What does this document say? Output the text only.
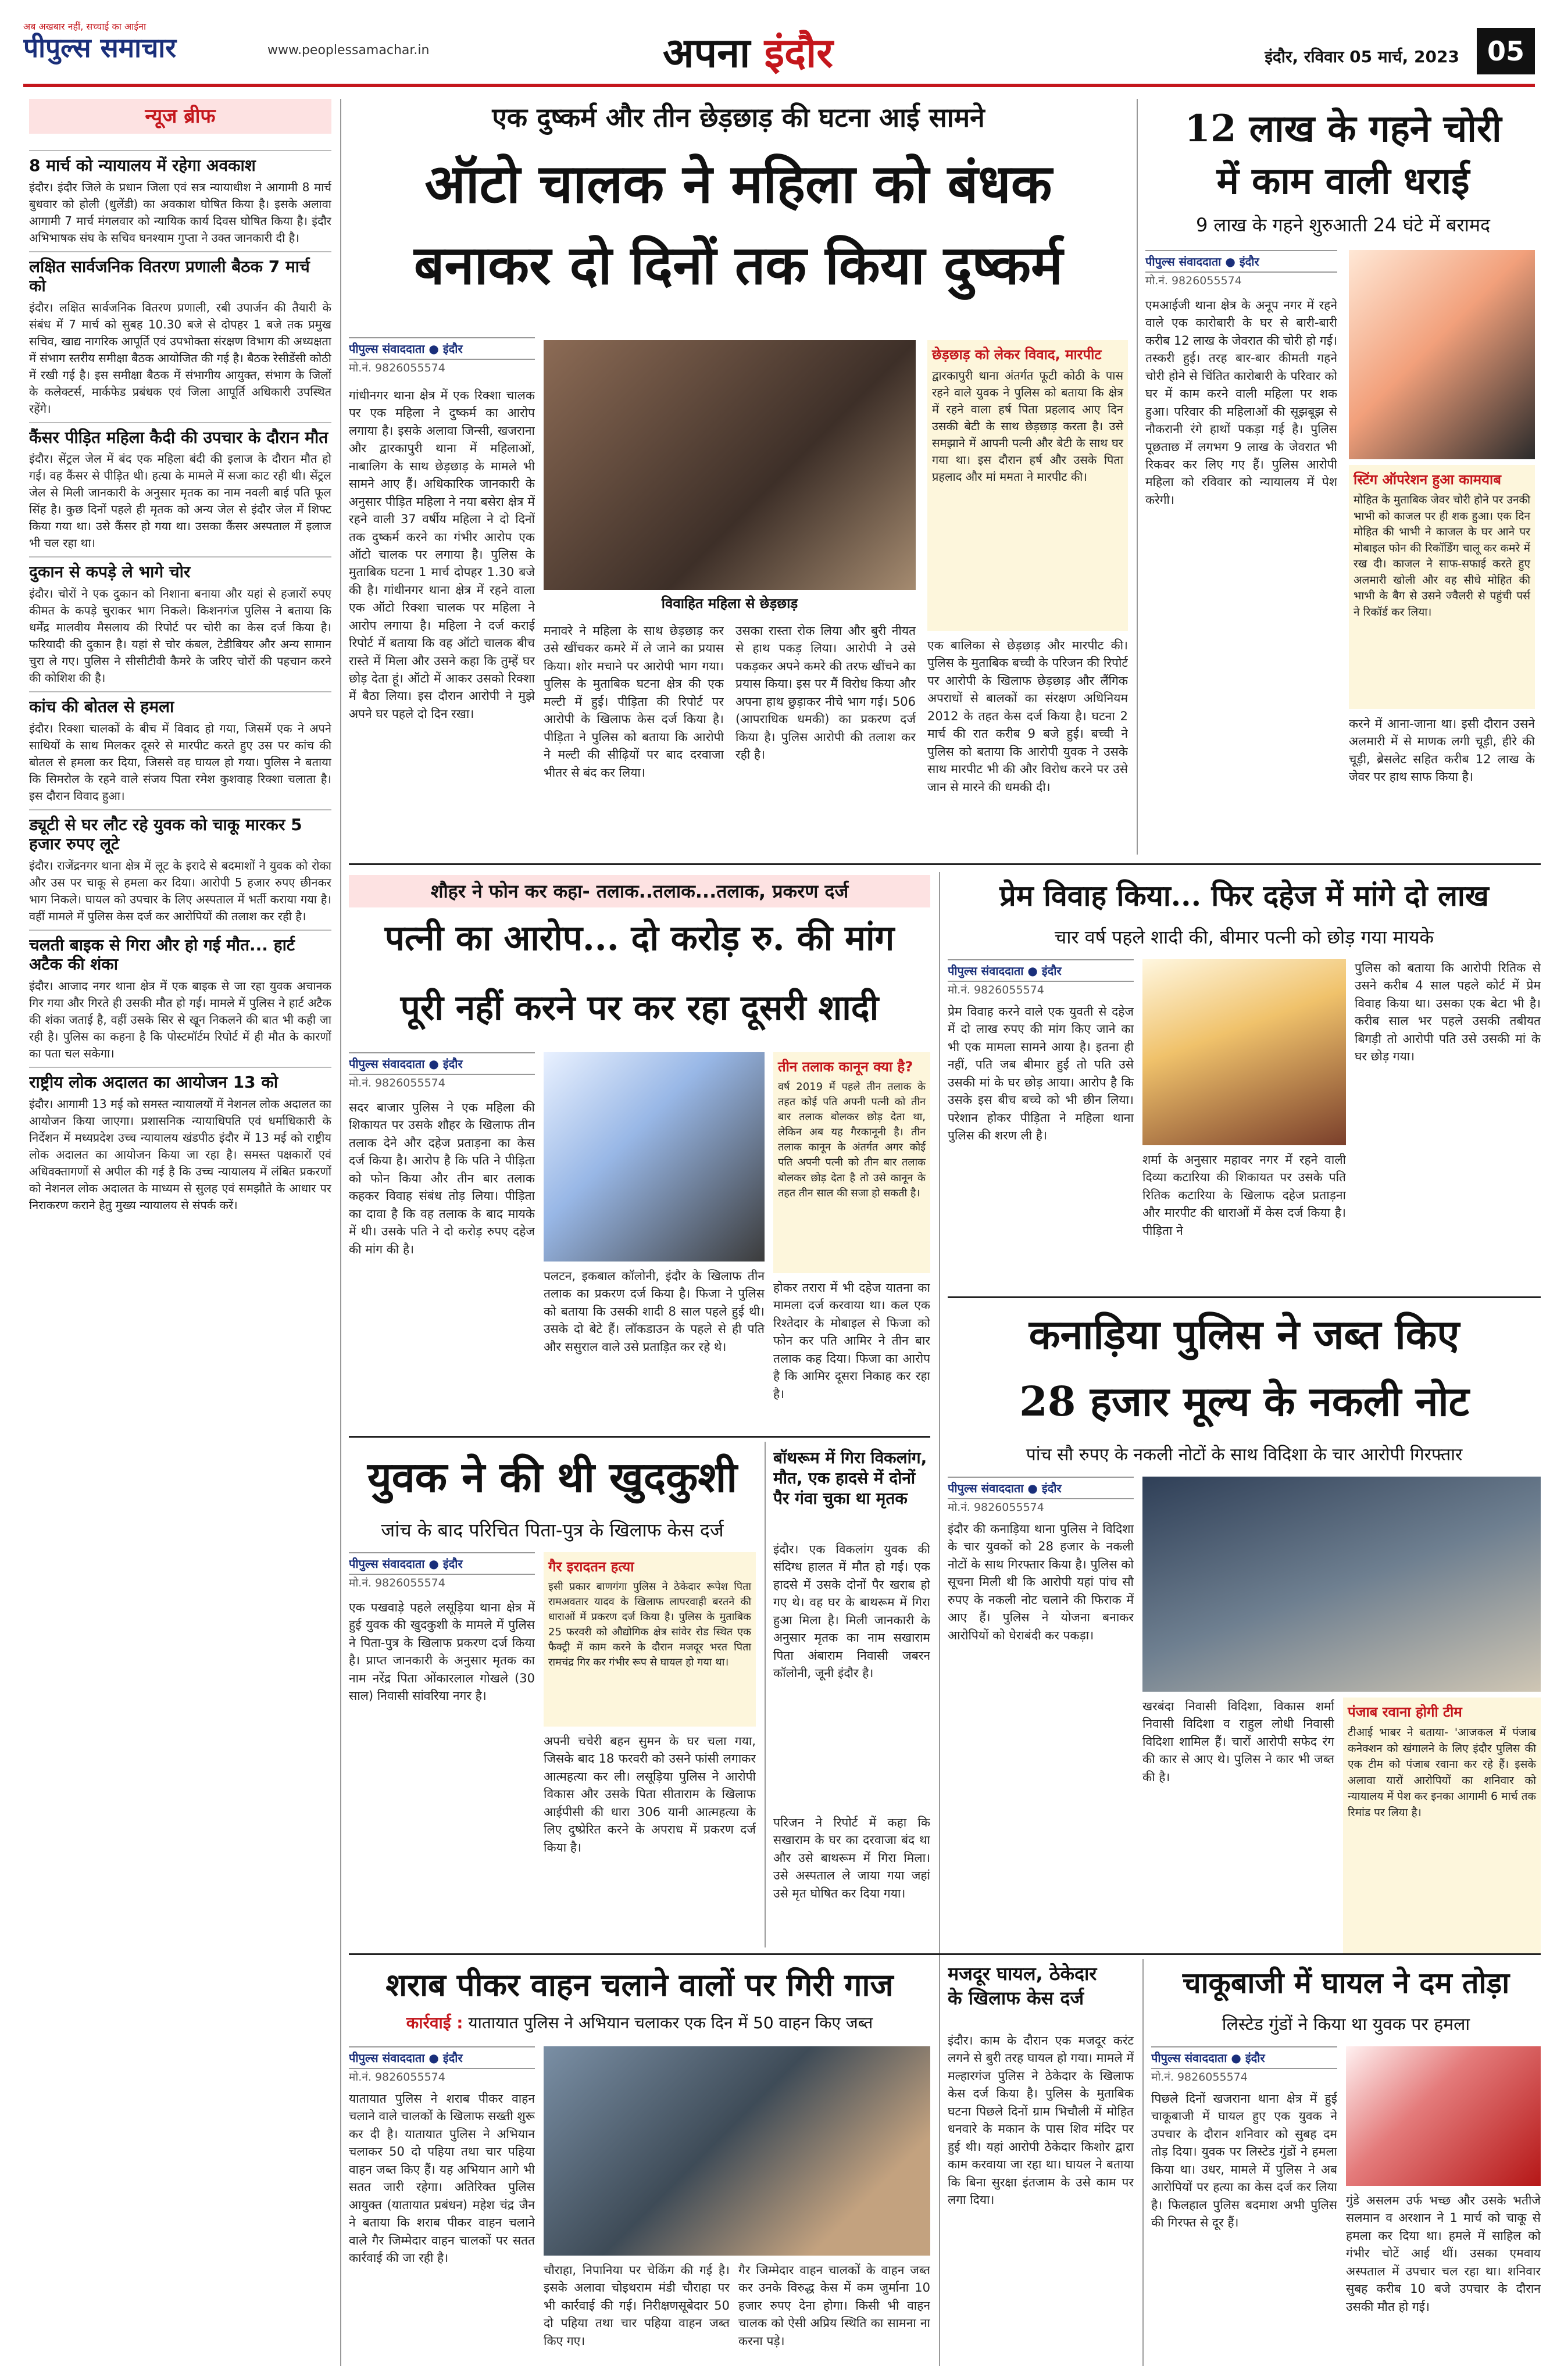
अब अखबार नहीं, सच्चाई का आईना
पीपुल्स समाचार	www.peoplessamachar.in	अपना इंदौर	इंदौर, रविवार 05 मार्च, 2023	05
न्यूज ब्रीफ
8 मार्च को न्यायालय में रहेगा अवकाश

इंदौर। इंदौर जिले के प्रधान जिला एवं सत्र न्यायाधीश ने आगामी 8 मार्च बुधवार को होली (धुलेंडी) का अवकाश घोषित किया है। इसके अलावा आगामी 7 मार्च मंगलवार को न्यायिक कार्य दिवस घोषित किया है। इंदौर अभिभाषक संघ के सचिव घनश्याम गुप्ता ने उक्त जानकारी दी है।

लक्षित सार्वजनिक वितरण प्रणाली बैठक 7 मार्च को

इंदौर। लक्षित सार्वजनिक वितरण प्रणाली, रबी उपार्जन की तैयारी के संबंध में 7 मार्च को सुबह 10.30 बजे से दोपहर 1 बजे तक प्रमुख सचिव, खाद्य नागरिक आपूर्ति एवं उपभोक्ता संरक्षण विभाग की अध्यक्षता में संभाग स्तरीय समीक्षा बैठक आयोजित की गई है। बैठक रेसीडेंसी कोठी में रखी गई है। इस समीक्षा बैठक में संभागीय आयुक्त, संभाग के जिलों के कलेक्टर्स, मार्कफेड प्रबंधक एवं जिला आपूर्ति अधिकारी उपस्थित रहेंगे।

कैंसर पीड़ित महिला कैदी की उपचार के दौरान मौत

इंदौर। सेंट्रल जेल में बंद एक महिला बंदी की इलाज के दौरान मौत हो गई। वह कैंसर से पीड़ित थी। हत्या के मामले में सजा काट रही थी। सेंट्रल जेल से मिली जानकारी के अनुसार मृतक का नाम नवली बाई पति फूल सिंह है। कुछ दिनों पहले ही मृतक को अन्य जेल से इंदौर जेल में शिफ्ट किया गया था। उसे कैंसर हो गया था। उसका कैंसर अस्पताल में इलाज भी चल रहा था।

दुकान से कपड़े ले भागे चोर

इंदौर। चोरों ने एक दुकान को निशाना बनाया और यहां से हजारों रुपए कीमत के कपड़े चुराकर भाग निकले। किशनगंज पुलिस ने बताया कि धर्मेंद्र मालवीय मैसलाय की रिपोर्ट पर चोरी का केस दर्ज किया है। फरियादी की दुकान है। यहां से चोर कंबल, टेडीबियर और अन्य सामान चुरा ले गए। पुलिस ने सीसीटीवी कैमरे के जरिए चोरों की पहचान करने की कोशिश की है।

कांच की बोतल से हमला

इंदौर। रिक्शा चालकों के बीच में विवाद हो गया, जिसमें एक ने अपने साथियों के साथ मिलकर दूसरे से मारपीट करते हुए उस पर कांच की बोतल से हमला कर दिया, जिससे वह घायल हो गया। पुलिस ने बताया कि सिमरोल के रहने वाले संजय पिता रमेश कुशवाह रिक्शा चलाता है। इस दौरान विवाद हुआ।

ड्यूटी से घर लौट रहे युवक को चाकू मारकर 5 हजार रुपए लूटे

इंदौर। राजेंद्रनगर थाना क्षेत्र में लूट के इरादे से बदमाशों ने युवक को रोका और उस पर चाकू से हमला कर दिया। आरोपी 5 हजार रुपए छीनकर भाग निकले। घायल को उपचार के लिए अस्पताल में भर्ती कराया गया है। वहीं मामले में पुलिस केस दर्ज कर आरोपियों की तलाश कर रही है।

चलती बाइक से गिरा और हो गई मौत... हार्ट अटैक की शंका

इंदौर। आजाद नगर थाना क्षेत्र में एक बाइक से जा रहा युवक अचानक गिर गया और गिरते ही उसकी मौत हो गई। मामले में पुलिस ने हार्ट अटैक की शंका जताई है, वहीं उसके सिर से खून निकलने की बात भी कही जा रही है। पुलिस का कहना है कि पोस्टमॉर्टम रिपोर्ट में ही मौत के कारणों का पता चल सकेगा।

राष्ट्रीय लोक अदालत का आयोजन 13 को

इंदौर। आगामी 13 मई को समस्त न्यायालयों में नेशनल लोक अदालत का आयोजन किया जाएगा। प्रशासनिक न्यायाधिपति एवं धर्माधिकारी के निर्देशन में मध्यप्रदेश उच्च न्यायालय खंडपीठ इंदौर में 13 मई को राष्ट्रीय लोक अदालत का आयोजन किया जा रहा है। समस्त पक्षकारों एवं अधिवक्तागणों से अपील की गई है कि उच्च न्यायालय में लंबित प्रकरणों को नेशनल लोक अदालत के माध्यम से सुलह एवं समझौते के आधार पर निराकरण कराने हेतु मुख्य न्यायालय से संपर्क करें।

एक दुष्कर्म और तीन छेड़छाड़ की घटना आई सामने
ऑटो चालक ने महिला को बंधक
बनाकर दो दिनों तक किया दुष्कर्म
पीपुल्स संवाददाता ● इंदौर
मो.नं. 9826055574
गांधीनगर थाना क्षेत्र में एक रिक्शा चालक पर एक महिला ने दुष्कर्म का आरोप लगाया है। इसके अलावा जिन्सी, खजराना और द्वारकापुरी थाना में महिलाओं, नाबालिग के साथ छेड़छाड़ के मामले भी सामने आए हैं। अधिकारिक जानकारी के अनुसार पीड़ित महिला ने नया बसेरा क्षेत्र में रहने वाली 37 वर्षीय महिला ने दो दिनों तक दुष्कर्म करने का गंभीर आरोप एक ऑटो चालक पर लगाया है। पुलिस के मुताबिक घटना 1 मार्च दोपहर 1.30 बजे की है। गांधीनगर थाना क्षेत्र में रहने वाला एक ऑटो रिक्शा चालक पर महिला ने आरोप लगाया है। महिला ने दर्ज कराई रिपोर्ट में बताया कि वह ऑटो चालक बीच रास्ते में मिला और उसने कहा कि तुम्हें घर छोड़ देता हूं। ऑटो में आकर उसको रिक्शा में बैठा लिया। इस दौरान आरोपी ने मुझे अपने घर पहले दो दिन रखा।
विवाहित महिला से छेड़छाड़
मनावरे ने महिला के साथ छेड़छाड़ कर उसे खींचकर कमरे में ले जाने का प्रयास किया। शोर मचाने पर आरोपी भाग गया। पुलिस के मुताबिक घटना क्षेत्र की एक मल्टी में हुई। पीड़िता की रिपोर्ट पर आरोपी के खिलाफ केस दर्ज किया है। पीड़िता ने पुलिस को बताया कि आरोपी ने मल्टी की सीढ़ियों पर बाद दरवाजा भीतर से बंद कर लिया।
उसका रास्ता रोक लिया और बुरी नीयत से हाथ पकड़ लिया। आरोपी ने उसे पकड़कर अपने कमरे की तरफ खींचने का प्रयास किया। इस पर मैं विरोध किया और अपना हाथ छुड़ाकर नीचे भाग गई। 506 (आपराधिक धमकी) का प्रकरण दर्ज किया है। पुलिस आरोपी की तलाश कर रही है।
छेड़छाड़ को लेकर विवाद, मारपीट
द्वारकापुरी थाना अंतर्गत फूटी कोठी के पास रहने वाले युवक ने पुलिस को बताया कि क्षेत्र में रहने वाला हर्ष पिता प्रहलाद आए दिन उसकी बेटी के साथ छेड़छाड़ करता है। उसे समझाने में आपनी पत्नी और बेटी के साथ घर गया था। इस दौरान हर्ष और उसके पिता प्रहलाद और मां ममता ने मारपीट की।
एक बालिका से छेड़छाड़ और मारपीट की। पुलिस के मुताबिक बच्ची के परिजन की रिपोर्ट पर आरोपी के खिलाफ छेड़छाड़ और लैंगिक अपराधों से बालकों का संरक्षण अधिनियम 2012 के तहत केस दर्ज किया है। घटना 2 मार्च की रात करीब 9 बजे हुई। बच्ची ने पुलिस को बताया कि आरोपी युवक ने उसके साथ मारपीट भी की और विरोध करने पर उसे जान से मारने की धमकी दी।
12 लाख के गहने चोरी
में काम वाली धराई
9 लाख के गहने शुरुआती 24 घंटे में बरामद
पीपुल्स संवाददाता ● इंदौर
मो.नं. 9826055574
एमआईजी थाना क्षेत्र के अनूप नगर में रहने वाले एक कारोबारी के घर से बारी-बारी करीब 12 लाख के जेवरात की चोरी हो गई। तस्करी हुई। तरह बार-बार कीमती गहने चोरी होने से चिंतित कारोबारी के परिवार को घर में काम करने वाली महिला पर शक हुआ। परिवार की महिलाओं की सूझबूझ से नौकरानी रंगे हाथों पकड़ा गई है। पुलिस पूछताछ में लगभग 9 लाख के जेवरात भी रिकवर कर लिए गए हैं। पुलिस आरोपी महिला को रविवार को न्यायालय में पेश करेगी।
स्टिंग ऑपरेशन हुआ कामयाब
मोहित के मुताबिक जेवर चोरी होने पर उनकी भाभी को काजल पर ही शक हुआ। एक दिन मोहित की भाभी ने काजल के घर आने पर मोबाइल फोन की रिकॉर्डिंग चालू कर कमरे में रख दी। काजल ने साफ-सफाई करते हुए अलमारी खोली और वह सीधे मोहित की भाभी के बैग से उसने ज्वैलरी से पहुंची पर्स ने रिकॉर्ड कर लिया।
करने में आना-जाना था। इसी दौरान उसने अलमारी में से माणक लगी चूड़ी, हीरे की चूड़ी, ब्रेसलेट सहित करीब 12 लाख के जेवर पर हाथ साफ किया है।
शौहर ने फोन कर कहा- तलाक..तलाक...तलाक, प्रकरण दर्ज
पत्नी का आरोप... दो करोड़ रु. की मांग
पूरी नहीं करने पर कर रहा दूसरी शादी
पीपुल्स संवाददाता ● इंदौर
मो.नं. 9826055574
सदर बाजार पुलिस ने एक महिला की शिकायत पर उसके शौहर के खिलाफ तीन तलाक देने और दहेज प्रताड़ना का केस दर्ज किया है। आरोप है कि पति ने पीड़िता को फोन किया और तीन बार तलाक कहकर विवाह संबंध तोड़ लिया। पीड़िता का दावा है कि वह तलाक के बाद मायके में थी। उसके पति ने दो करोड़ रुपए दहेज की मांग की है।
पलटन, इकबाल कॉलोनी, इंदौर के खिलाफ तीन तलाक का प्रकरण दर्ज किया है। फिजा ने पुलिस को बताया कि उसकी शादी 8 साल पहले हुई थी। उसके दो बेटे हैं। लॉकडाउन के पहले से ही पति और ससुराल वाले उसे प्रताड़ित कर रहे थे।
तीन तलाक कानून क्या है?
वर्ष 2019 में पहले तीन तलाक के तहत कोई पति अपनी पत्नी को तीन बार तलाक बोलकर छोड़ देता था, लेकिन अब यह गैरकानूनी है। तीन तलाक कानून के अंतर्गत अगर कोई पति अपनी पत्नी को तीन बार तलाक बोलकर छोड़ देता है तो उसे कानून के तहत तीन साल की सजा हो सकती है।
होकर तरारा में भी दहेज यातना का मामला दर्ज करवाया था। कल एक रिश्तेदार के मोबाइल से फिजा को फोन कर पति आमिर ने तीन बार तलाक कह दिया। फिजा का आरोप है कि आमिर दूसरा निकाह कर रहा है।
प्रेम विवाह किया... फिर दहेज में मांगे दो लाख
चार वर्ष पहले शादी की, बीमार पत्नी को छोड़ गया मायके
पीपुल्स संवाददाता ● इंदौर
मो.नं. 9826055574
प्रेम विवाह करने वाले एक युवती से दहेज में दो लाख रुपए की मांग किए जाने का भी एक मामला सामने आया है। इतना ही नहीं, पति जब बीमार हुई तो पति उसे उसकी मां के घर छोड़ आया। आरोप है कि उसके इस बीच बच्चे को भी छीन लिया। परेशान होकर पीड़िता ने महिला थाना पुलिस की शरण ली है।
शर्मा के अनुसार महावर नगर में रहने वाली दिव्या कटारिया की शिकायत पर उसके पति रितिक कटारिया के खिलाफ दहेज प्रताड़ना और मारपीट की धाराओं में केस दर्ज किया है। पीड़िता ने
पुलिस को बताया कि आरोपी रितिक से उसने करीब 4 साल पहले कोर्ट में प्रेम विवाह किया था। उसका एक बेटा भी है। करीब साल भर पहले उसकी तबीयत बिगड़ी तो आरोपी पति उसे उसकी मां के घर छोड़ गया।
कनाड़िया पुलिस ने जब्त किए
28 हजार मूल्य के नकली नोट
पांच सौ रुपए के नकली नोटों के साथ विदिशा के चार आरोपी गिरफ्तार
पीपुल्स संवाददाता ● इंदौर
मो.नं. 9826055574
इंदौर की कनाड़िया थाना पुलिस ने विदिशा के चार युवकों को 28 हजार के नकली नोटों के साथ गिरफ्तार किया है। पुलिस को सूचना मिली थी कि आरोपी यहां पांच सौ रुपए के नकली नोट चलाने की फिराक में आए हैं। पुलिस ने योजना बनाकर आरोपियों को घेराबंदी कर पकड़ा।
खरबंदा निवासी विदिशा, विकास शर्मा निवासी विदिशा व राहुल लोधी निवासी विदिशा शामिल हैं। चारों आरोपी सफेद रंग की कार से आए थे। पुलिस ने कार भी जब्त की है।
पंजाब रवाना होगी टीम
टीआई भाबर ने बताया- 'आजकल में पंजाब कनेक्शन को खंगालने के लिए इंदौर पुलिस की एक टीम को पंजाब रवाना कर रहे हैं। इसके अलावा यारों आरोपियों का शनिवार को न्यायालय में पेश कर इनका आगामी 6 मार्च तक रिमांड पर लिया है।
युवक ने की थी खुदकुशी
जांच के बाद परिचित पिता-पुत्र के खिलाफ केस दर्ज
पीपुल्स संवाददाता ● इंदौर
मो.नं. 9826055574
एक पखवाड़े पहले लसूड़िया थाना क्षेत्र में हुई युवक की खुदकुशी के मामले में पुलिस ने पिता-पुत्र के खिलाफ प्रकरण दर्ज किया है। प्राप्त जानकारी के अनुसार मृतक का नाम नरेंद्र पिता ओंकारलाल गोखले (30 साल) निवासी सांवरिया नगर है।
गैर इरादतन हत्या
इसी प्रकार बाणगंगा पुलिस ने ठेकेदार रूपेश पिता रामअवतार यादव के खिलाफ लापरवाही बरतने की धाराओं में प्रकरण दर्ज किया है। पुलिस के मुताबिक 25 फरवरी को औद्योगिक क्षेत्र सांवेर रोड स्थित एक फैक्ट्री में काम करने के दौरान मजदूर भरत पिता रामचंद्र गिर कर गंभीर रूप से घायल हो गया था।
अपनी चचेरी बहन सुमन के घर चला गया, जिसके बाद 18 फरवरी को उसने फांसी लगाकर आत्महत्या कर ली। लसूड़िया पुलिस ने आरोपी विकास और उसके पिता सीताराम के खिलाफ आईपीसी की धारा 306 यानी आत्महत्या के लिए दुष्प्रेरित करने के अपराध में प्रकरण दर्ज किया है।
बॉथरूम में गिरा विकलांग, मौत, एक हादसे में दोनों पैर गंवा चुका था मृतक
इंदौर। एक विकलांग युवक की संदिग्ध हालत में मौत हो गई। एक हादसे में उसके दोनों पैर खराब हो गए थे। वह घर के बाथरूम में गिरा हुआ मिला है। मिली जानकारी के अनुसार मृतक का नाम सखाराम पिता अंबाराम निवासी जबरन कॉलोनी, जूनी इंदौर है।
परिजन ने रिपोर्ट में कहा कि सखाराम के घर का दरवाजा बंद था और उसे बाथरूम में गिरा मिला। उसे अस्पताल ले जाया गया जहां उसे मृत घोषित कर दिया गया।
शराब पीकर वाहन चलाने वालों पर गिरी गाज
कार्रवाई : यातायात पुलिस ने अभियान चलाकर एक दिन में 50 वाहन किए जब्त
पीपुल्स संवाददाता ● इंदौर
मो.नं. 9826055574
यातायात पुलिस ने शराब पीकर वाहन चलाने वाले चालकों के खिलाफ सख्ती शुरू कर दी है। यातायात पुलिस ने अभियान चलाकर 50 दो पहिया तथा चार पहिया वाहन जब्त किए हैं। यह अभियान आगे भी सतत जारी रहेगा। अतिरिक्त पुलिस आयुक्त (यातायात प्रबंधन) महेश चंद्र जैन ने बताया कि शराब पीकर वाहन चलाने वाले गैर जिम्मेदार वाहन चालकों पर सतत कार्रवाई की जा रही है।
चौराहा, निपानिया पर चेकिंग की गई है। इसके अलावा चोइथराम मंडी चौराहा पर भी कार्रवाई की गई। निरीक्षणसूबेदार 50 दो पहिया तथा चार पहिया वाहन जब्त किए गए।
गैर जिम्मेदार वाहन चालकों के वाहन जब्त कर उनके विरुद्ध केस में कम जुर्माना 10 हजार रुपए देना होगा। किसी भी वाहन चालक को ऐसी अप्रिय स्थिति का सामना ना करना पड़े।
मजदूर घायल, ठेकेदार
के खिलाफ केस दर्ज
इंदौर। काम के दौरान एक मजदूर करंट लगने से बुरी तरह घायल हो गया। मामले में मल्हारगंज पुलिस ने ठेकेदार के खिलाफ केस दर्ज किया है। पुलिस के मुताबिक घटना पिछले दिनों ग्राम भिचौली में मोहित धनवारे के मकान के पास शिव मंदिर पर हुई थी। यहां आरोपी ठेकेदार किशोर द्वारा काम करवाया जा रहा था। घायल ने बताया कि बिना सुरक्षा इंतजाम के उसे काम पर लगा दिया।
चाकूबाजी में घायल ने दम तोड़ा
लिस्टेड गुंडों ने किया था युवक पर हमला
पीपुल्स संवाददाता ● इंदौर
मो.नं. 9826055574
पिछले दिनों खजराना थाना क्षेत्र में हुई चाकूबाजी में घायल हुए एक युवक ने उपचार के दौरान शनिवार को सुबह दम तोड़ दिया। युवक पर लिस्टेड गुंडों ने हमला किया था। उधर, मामले में पुलिस ने अब आरोपियों पर हत्या का केस दर्ज कर लिया है। फिलहाल पुलिस बदमाश अभी पुलिस की गिरफ्त से दूर हैं।
गुंडे असलम उर्फ भच्छ और उसके भतीजे सलमान व अरशान ने 1 मार्च को चाकू से हमला कर दिया था। हमले में साहिल को गंभीर चोटें आई थीं। उसका एमवाय अस्पताल में उपचार चल रहा था। शनिवार सुबह करीब 10 बजे उपचार के दौरान उसकी मौत हो गई।
